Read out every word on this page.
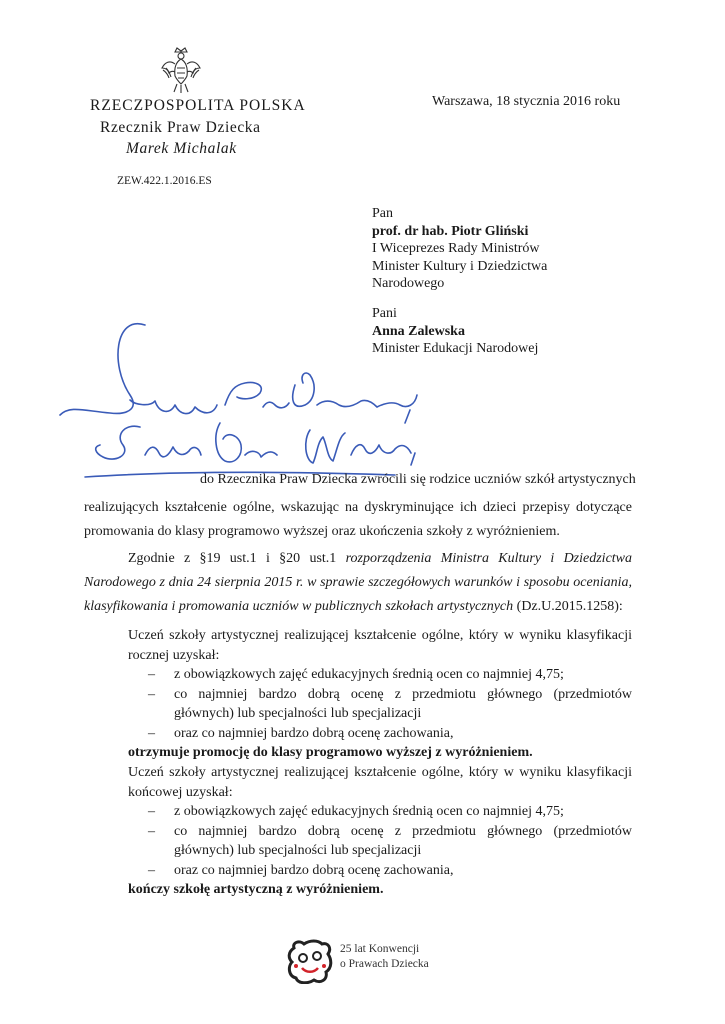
RZECZPOSPOLITA POLSKA
Rzecznik Praw Dziecka
Marek Michalak
ZEW.422.1.2016.ES
Warszawa, 18 stycznia 2016 roku
Pan
prof. dr hab. Piotr Gliński
I Wiceprezes Rady Ministrów
Minister Kultury i Dziedzictwa
Narodowego
Pani
Anna Zalewska
Minister Edukacji Narodowej
do Rzecznika Praw Dziecka zwrócili się rodzice uczniów szkół artystycznych
realizujących kształcenie ogólne, wskazując na dyskryminujące ich dzieci przepisy dotyczące promowania do klasy programowo wyższej oraz ukończenia szkoły z wyróżnieniem.
Zgodnie z §19 ust.1 i §20 ust.1 rozporządzenia Ministra Kultury i Dziedzictwa Narodowego z dnia 24 sierpnia 2015 r. w sprawie szczegółowych warunków i sposobu oceniania, klasyfikowania i promowania uczniów w publicznych szkołach artystycznych (Dz.U.2015.1258):
Uczeń szkoły artystycznej realizującej kształcenie ogólne, który w wyniku klasyfikacji rocznej uzyskał:
–	z obowiązkowych zajęć edukacyjnych średnią ocen co najmniej 4,75;
–	co najmniej bardzo dobrą ocenę z przedmiotu głównego (przedmiotów głównych) lub specjalności lub specjalizacji
–	oraz co najmniej bardzo dobrą ocenę zachowania,
otrzymuje promocję do klasy programowo wyższej z wyróżnieniem.
Uczeń szkoły artystycznej realizującej kształcenie ogólne, który w wyniku klasyfikacji końcowej uzyskał:
–	z obowiązkowych zajęć edukacyjnych średnią ocen co najmniej 4,75;
–	co najmniej bardzo dobrą ocenę z przedmiotu głównego (przedmiotów głównych) lub specjalności lub specjalizacji
–	oraz co najmniej bardzo dobrą ocenę zachowania,
kończy szkołę artystyczną z wyróżnieniem.
25 lat Konwencji
o Prawach Dziecka
